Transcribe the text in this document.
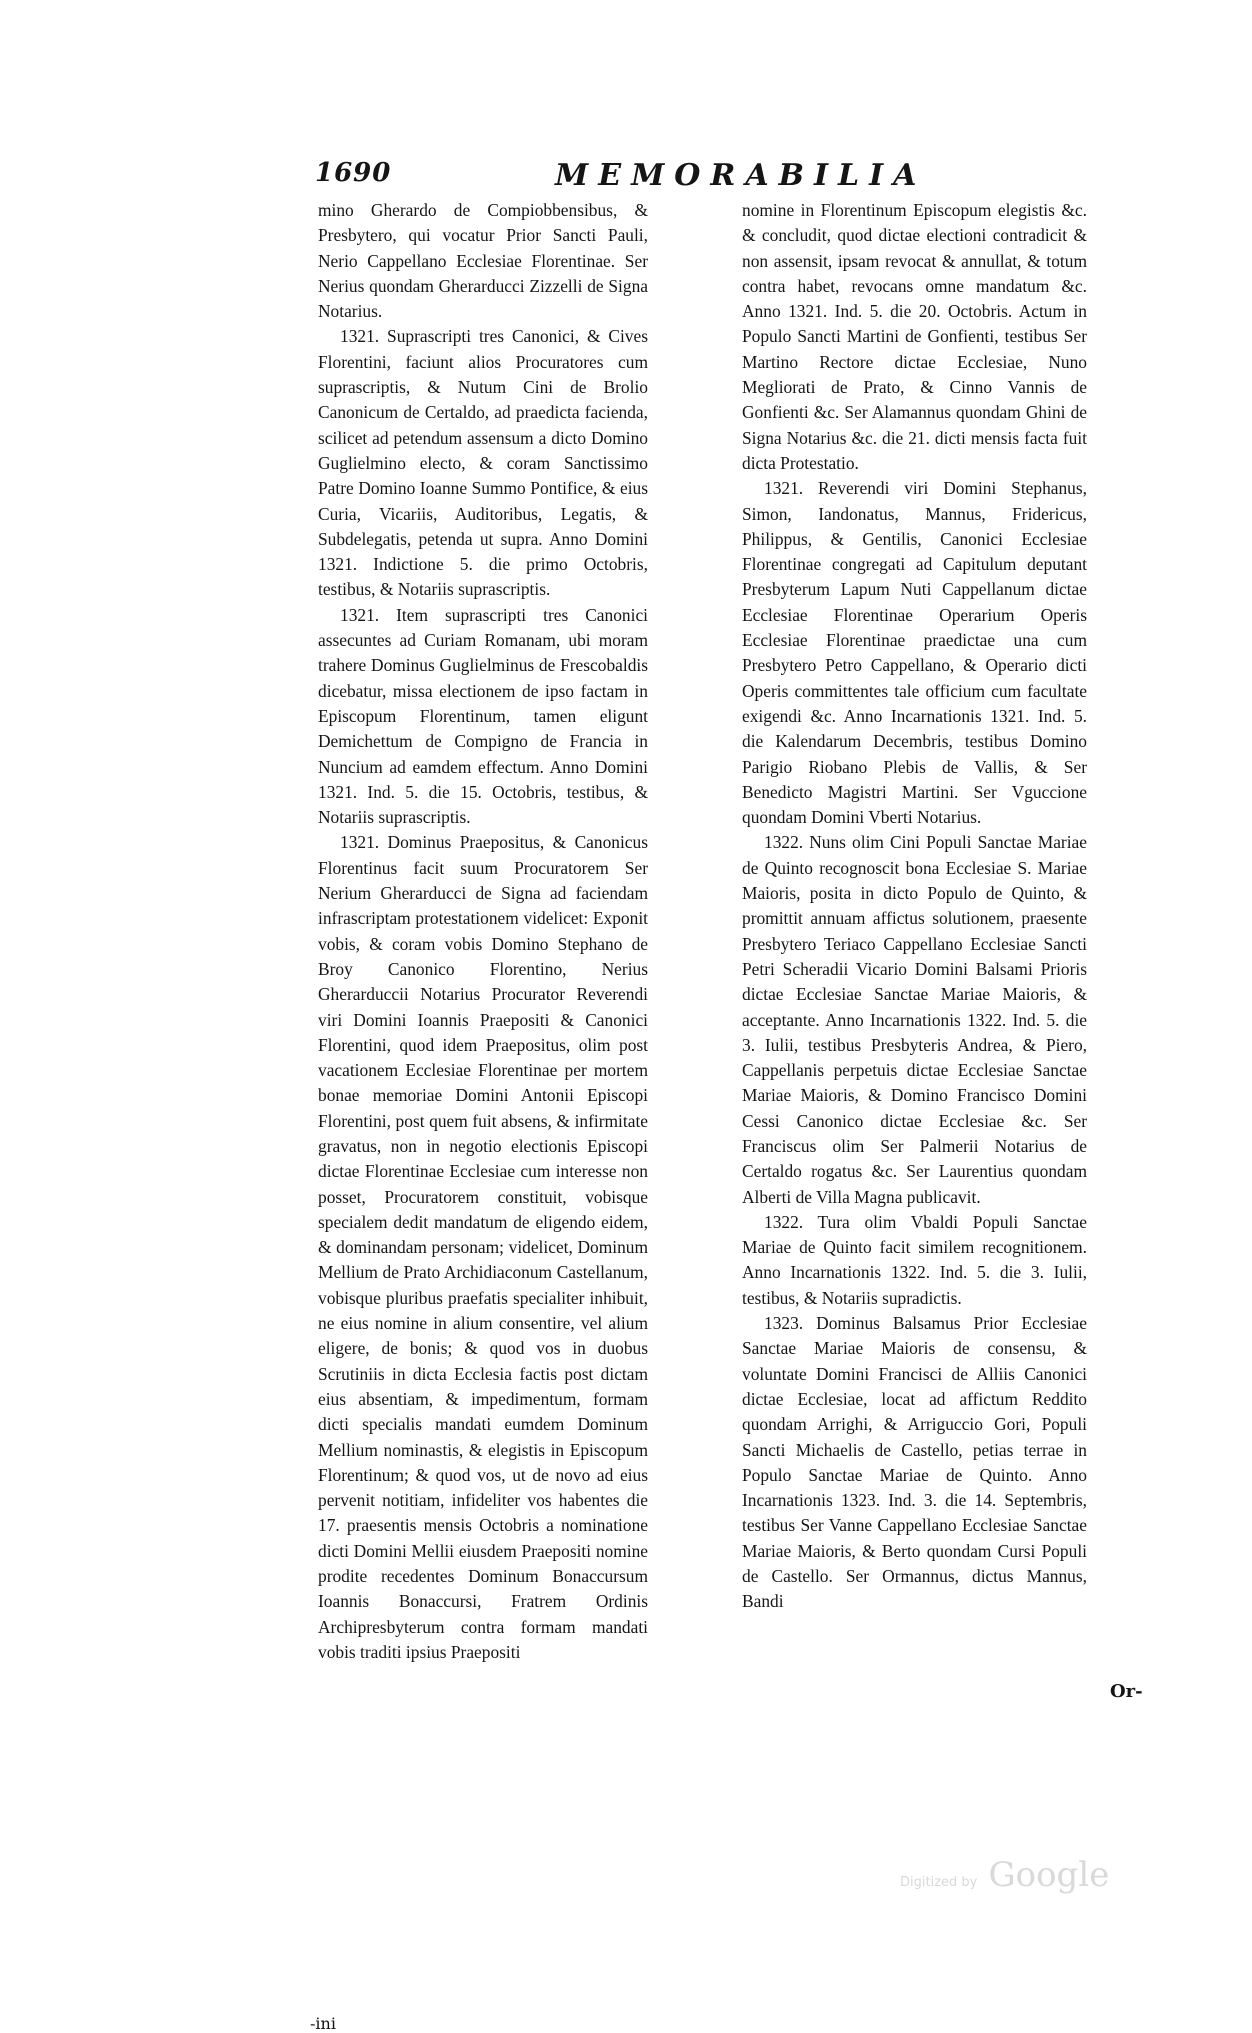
1690	MEMORABILIA

mino Gherardo de Compiobbensibus, & Presbytero, qui vocatur Prior Sancti Pauli, Nerio Cappellano Ecclesiae Florentinae. Ser Nerius quondam Gherarducci Zizzelli de Signa Notarius.

1321. Suprascripti tres Canonici, & Cives Florentini, faciunt alios Procuratores cum suprascriptis, & Nutum Cini de Brolio Canonicum de Certaldo, ad praedicta facienda, scilicet ad petendum assensum a dicto Domino Guglielmino electo, & coram Sanctissimo Patre Domino Ioanne Summo Pontifice, & eius Curia, Vicariis, Auditoribus, Legatis, & Subdelegatis, petenda ut supra. Anno Domini 1321. Indictione 5. die primo Octobris, testibus, & Notariis suprascriptis.

1321. Item suprascripti tres Canonici assecuntes ad Curiam Romanam, ubi moram trahere Dominus Guglielminus de Frescobaldis dicebatur, missa electionem de ipso factam in Episcopum Florentinum, tamen eligunt Demichettum de Compigno de Francia in Nuncium ad eamdem effectum. Anno Domini 1321. Ind. 5. die 15. Octobris, testibus, & Notariis suprascriptis.

1321. Dominus Praepositus, & Canonicus Florentinus facit suum Procuratorem Ser Nerium Gherarducci de Signa ad faciendam infrascriptam protestationem videlicet: Exponit vobis, & coram vobis Domino Stephano de Broy Canonico Florentino, Nerius Gherarduccii Notarius Procurator Reverendi viri Domini Ioannis Praepositi & Canonici Florentini, quod idem Praepositus, olim post vacationem Ecclesiae Florentinae per mortem bonae memoriae Domini Antonii Episcopi Florentini, post quem fuit absens, & infirmitate gravatus, non in negotio electionis Episcopi dictae Florentinae Ecclesiae cum interesse non posset, Procuratorem constituit, vobisque specialem dedit mandatum de eligendo eidem, & dominandam personam; videlicet, Dominum Mellium de Prato Archidiaconum Castellanum, vobisque pluribus praefatis specialiter inhibuit, ne eius nomine in alium consentire, vel alium eligere, de bonis; & quod vos in duobus Scrutiniis in dicta Ecclesia factis post dictam eius absentiam, & impedimentum, formam dicti specialis mandati eumdem Dominum Mellium nominastis, & elegistis in Episcopum Florentinum; & quod vos, ut de novo ad eius pervenit notitiam, infideliter vos habentes die 17. praesentis mensis Octobris a nominatione dicti Domini Mellii eiusdem Praepositi nomine prodite recedentes Dominum Bonaccursum Ioannis Bonaccursi, Fratrem Ordinis Archipresbyterum contra formam mandati vobis traditi ipsius Praepositi

nomine in Florentinum Episcopum elegistis &c. & concludit, quod dictae electioni contradicit & non assensit, ipsam revocat & annullat, & totum contra habet, revocans omne mandatum &c. Anno 1321. Ind. 5. die 20. Octobris. Actum in Populo Sancti Martini de Gonfienti, testibus Ser Martino Rectore dictae Ecclesiae, Nuno Megliorati de Prato, & Cinno Vannis de Gonfienti &c. Ser Alamannus quondam Ghini de Signa Notarius &c. die 21. dicti mensis facta fuit dicta Protestatio.

1321. Reverendi viri Domini Stephanus, Simon, Iandonatus, Mannus, Fridericus, Philippus, & Gentilis, Canonici Ecclesiae Florentinae congregati ad Capitulum deputant Presbyterum Lapum Nuti Cappellanum dictae Ecclesiae Florentinae Operarium Operis Ecclesiae Florentinae praedictae una cum Presbytero Petro Cappellano, & Operario dicti Operis committentes tale officium cum facultate exigendi &c. Anno Incarnationis 1321. Ind. 5. die Kalendarum Decembris, testibus Domino Parigio Riobano Plebis de Vallis, & Ser Benedicto Magistri Martini. Ser Vguccione quondam Domini Vberti Notarius.

1322. Nuns olim Cini Populi Sanctae Mariae de Quinto recognoscit bona Ecclesiae S. Mariae Maioris, posita in dicto Populo de Quinto, & promittit annuam affictus solutionem, praesente Presbytero Teriaco Cappellano Ecclesiae Sancti Petri Scheradii Vicario Domini Balsami Prioris dictae Ecclesiae Sanctae Mariae Maioris, & acceptante. Anno Incarnationis 1322. Ind. 5. die 3. Iulii, testibus Presbyteris Andrea, & Piero, Cappellanis perpetuis dictae Ecclesiae Sanctae Mariae Maioris, & Domino Francisco Domini Cessi Canonico dictae Ecclesiae &c. Ser Franciscus olim Ser Palmerii Notarius de Certaldo rogatus &c. Ser Laurentius quondam Alberti de Villa Magna publicavit.

1322. Tura olim Vbaldi Populi Sanctae Mariae de Quinto facit similem recognitionem. Anno Incarnationis 1322. Ind. 5. die 3. Iulii, testibus, & Notariis supradictis.

1323. Dominus Balsamus Prior Ecclesiae Sanctae Mariae Maioris de consensu, & voluntate Domini Francisci de Alliis Canonici dictae Ecclesiae, locat ad affictum Reddito quondam Arrighi, & Arriguccio Gori, Populi Sancti Michaelis de Castello, petias terrae in Populo Sanctae Mariae de Quinto. Anno Incarnationis 1323. Ind. 3. die 14. Septembris, testibus Ser Vanne Cappellano Ecclesiae Sanctae Mariae Maioris, & Berto quondam Cursi Populi de Castello. Ser Ormannus, dictus Mannus, Bandi

-ini
Or-
Digitized by Google
